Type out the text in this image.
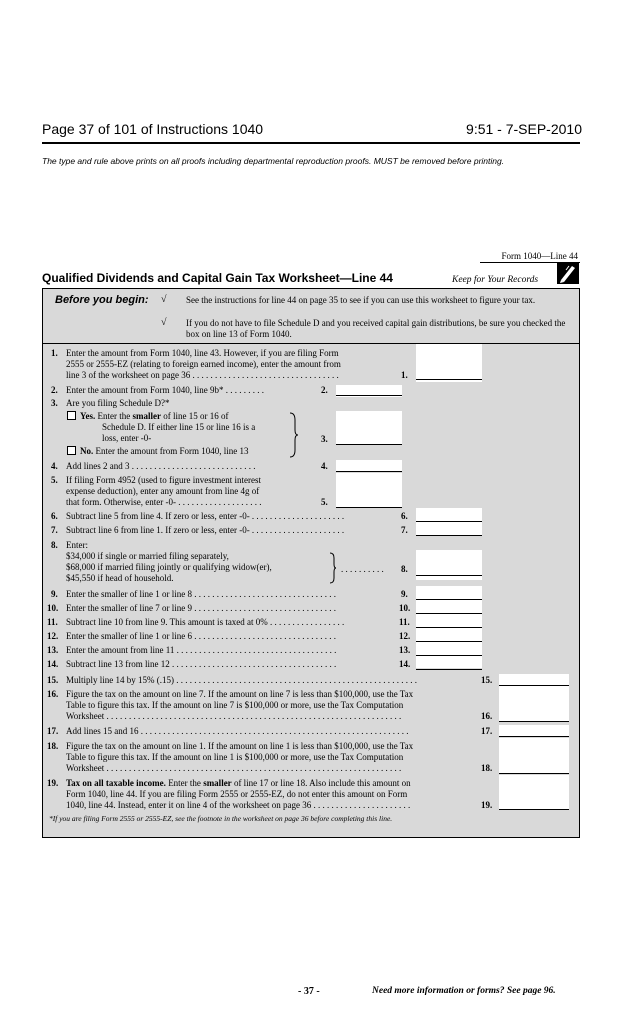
Page 37 of 101 of Instructions 1040	9:51 - 7-SEP-2010
The type and rule above prints on all proofs including departmental reproduction proofs. MUST be removed before printing.
Form 1040—Line 44
Qualified Dividends and Capital Gain Tax Worksheet—Line 44	Keep for Your Records
Before you begin: √ See the instructions for line 44 on page 35 to see if you can use this worksheet to figure your tax.
√ If you do not have to file Schedule D and you received capital gain distributions, be sure you checked the box on line 13 of Form 1040.
1. Enter the amount from Form 1040, line 43. However, if you are filing Form
2555 or 2555-EZ (relating to foreign earned income), enter the amount from
line 3 of the worksheet on page 36 . . . . . . . . . . . . . . . . . . . . . . . . . . . . . . . . .	1.
2. Enter the amount from Form 1040, line 9b* . . . . . . . . .	2.
3. Are you filing Schedule D?*
Yes. Enter the smaller of line 15 or 16 of
Schedule D. If either line 15 or line 16 is a
loss, enter -0-
No. Enter the amount from Form 1040, line 13
3.
4. Add lines 2 and 3 . . . . . . . . . . . . . . . . . . . . . . . . . . . .	4.
5. If filing Form 4952 (used to figure investment interest
expense deduction), enter any amount from line 4g of
that form. Otherwise, enter -0- . . . . . . . . . . . . . . . . . . .	5.
6. Subtract line 5 from line 4. If zero or less, enter -0- . . . . . . . . . . . . . . . . . . . . .	6.
7. Subtract line 6 from line 1. If zero or less, enter -0- . . . . . . . . . . . . . . . . . . . . .	7.
8. Enter:
$34,000 if single or married filing separately,
$68,000 if married filing jointly or qualifying widow(er),
$45,550 if head of household.
. . . . . . . . . . 8.
9. Enter the smaller of line 1 or line 8 . . . . . . . . . . . . . . . . . . . . . . . . . . . . . . . .	9.
10. Enter the smaller of line 7 or line 9 . . . . . . . . . . . . . . . . . . . . . . . . . . . . . . . .	10.
11. Subtract line 10 from line 9. This amount is taxed at 0% . . . . . . . . . . . . . . . . .	11.
12. Enter the smaller of line 1 or line 6 . . . . . . . . . . . . . . . . . . . . . . . . . . . . . . . .	12.
13. Enter the amount from line 11 . . . . . . . . . . . . . . . . . . . . . . . . . . . . . . . . . . . .	13.
14. Subtract line 13 from line 12 . . . . . . . . . . . . . . . . . . . . . . . . . . . . . . . . . . . . .	14.
15. Multiply line 14 by 15% (.15) . . . . . . . . . . . . . . . . . . . . . . . . . . . . . . . . . . . . . . . . . . . . . . . . . . . . . .	15.
16. Figure the tax on the amount on line 7. If the amount on line 7 is less than $100,000, use the Tax
Table to figure this tax. If the amount on line 7 is $100,000 or more, use the Tax Computation
Worksheet . . . . . . . . . . . . . . . . . . . . . . . . . . . . . . . . . . . . . . . . . . . . . . . . . . . . . . . . . . . . . . . . . .	16.
17. Add lines 15 and 16 . . . . . . . . . . . . . . . . . . . . . . . . . . . . . . . . . . . . . . . . . . . . . . . . . . . . . . . . . . . .	17.
18. Figure the tax on the amount on line 1. If the amount on line 1 is less than $100,000, use the Tax
Table to figure this tax. If the amount on line 1 is $100,000 or more, use the Tax Computation
Worksheet . . . . . . . . . . . . . . . . . . . . . . . . . . . . . . . . . . . . . . . . . . . . . . . . . . . . . . . . . . . . . . . . . .	18.
19. Tax on all taxable income. Enter the smaller of line 17 or line 18. Also include this amount on
Form 1040, line 44. If you are filing Form 2555 or 2555-EZ, do not enter this amount on Form
1040, line 44. Instead, enter it on line 4 of the worksheet on page 36 . . . . . . . . . . . . . . . . . . . . . .	19.
*If you are filing Form 2555 or 2555-EZ, see the footnote in the worksheet on page 36 before completing this line.
- 37 -	Need more information or forms? See page 96.
